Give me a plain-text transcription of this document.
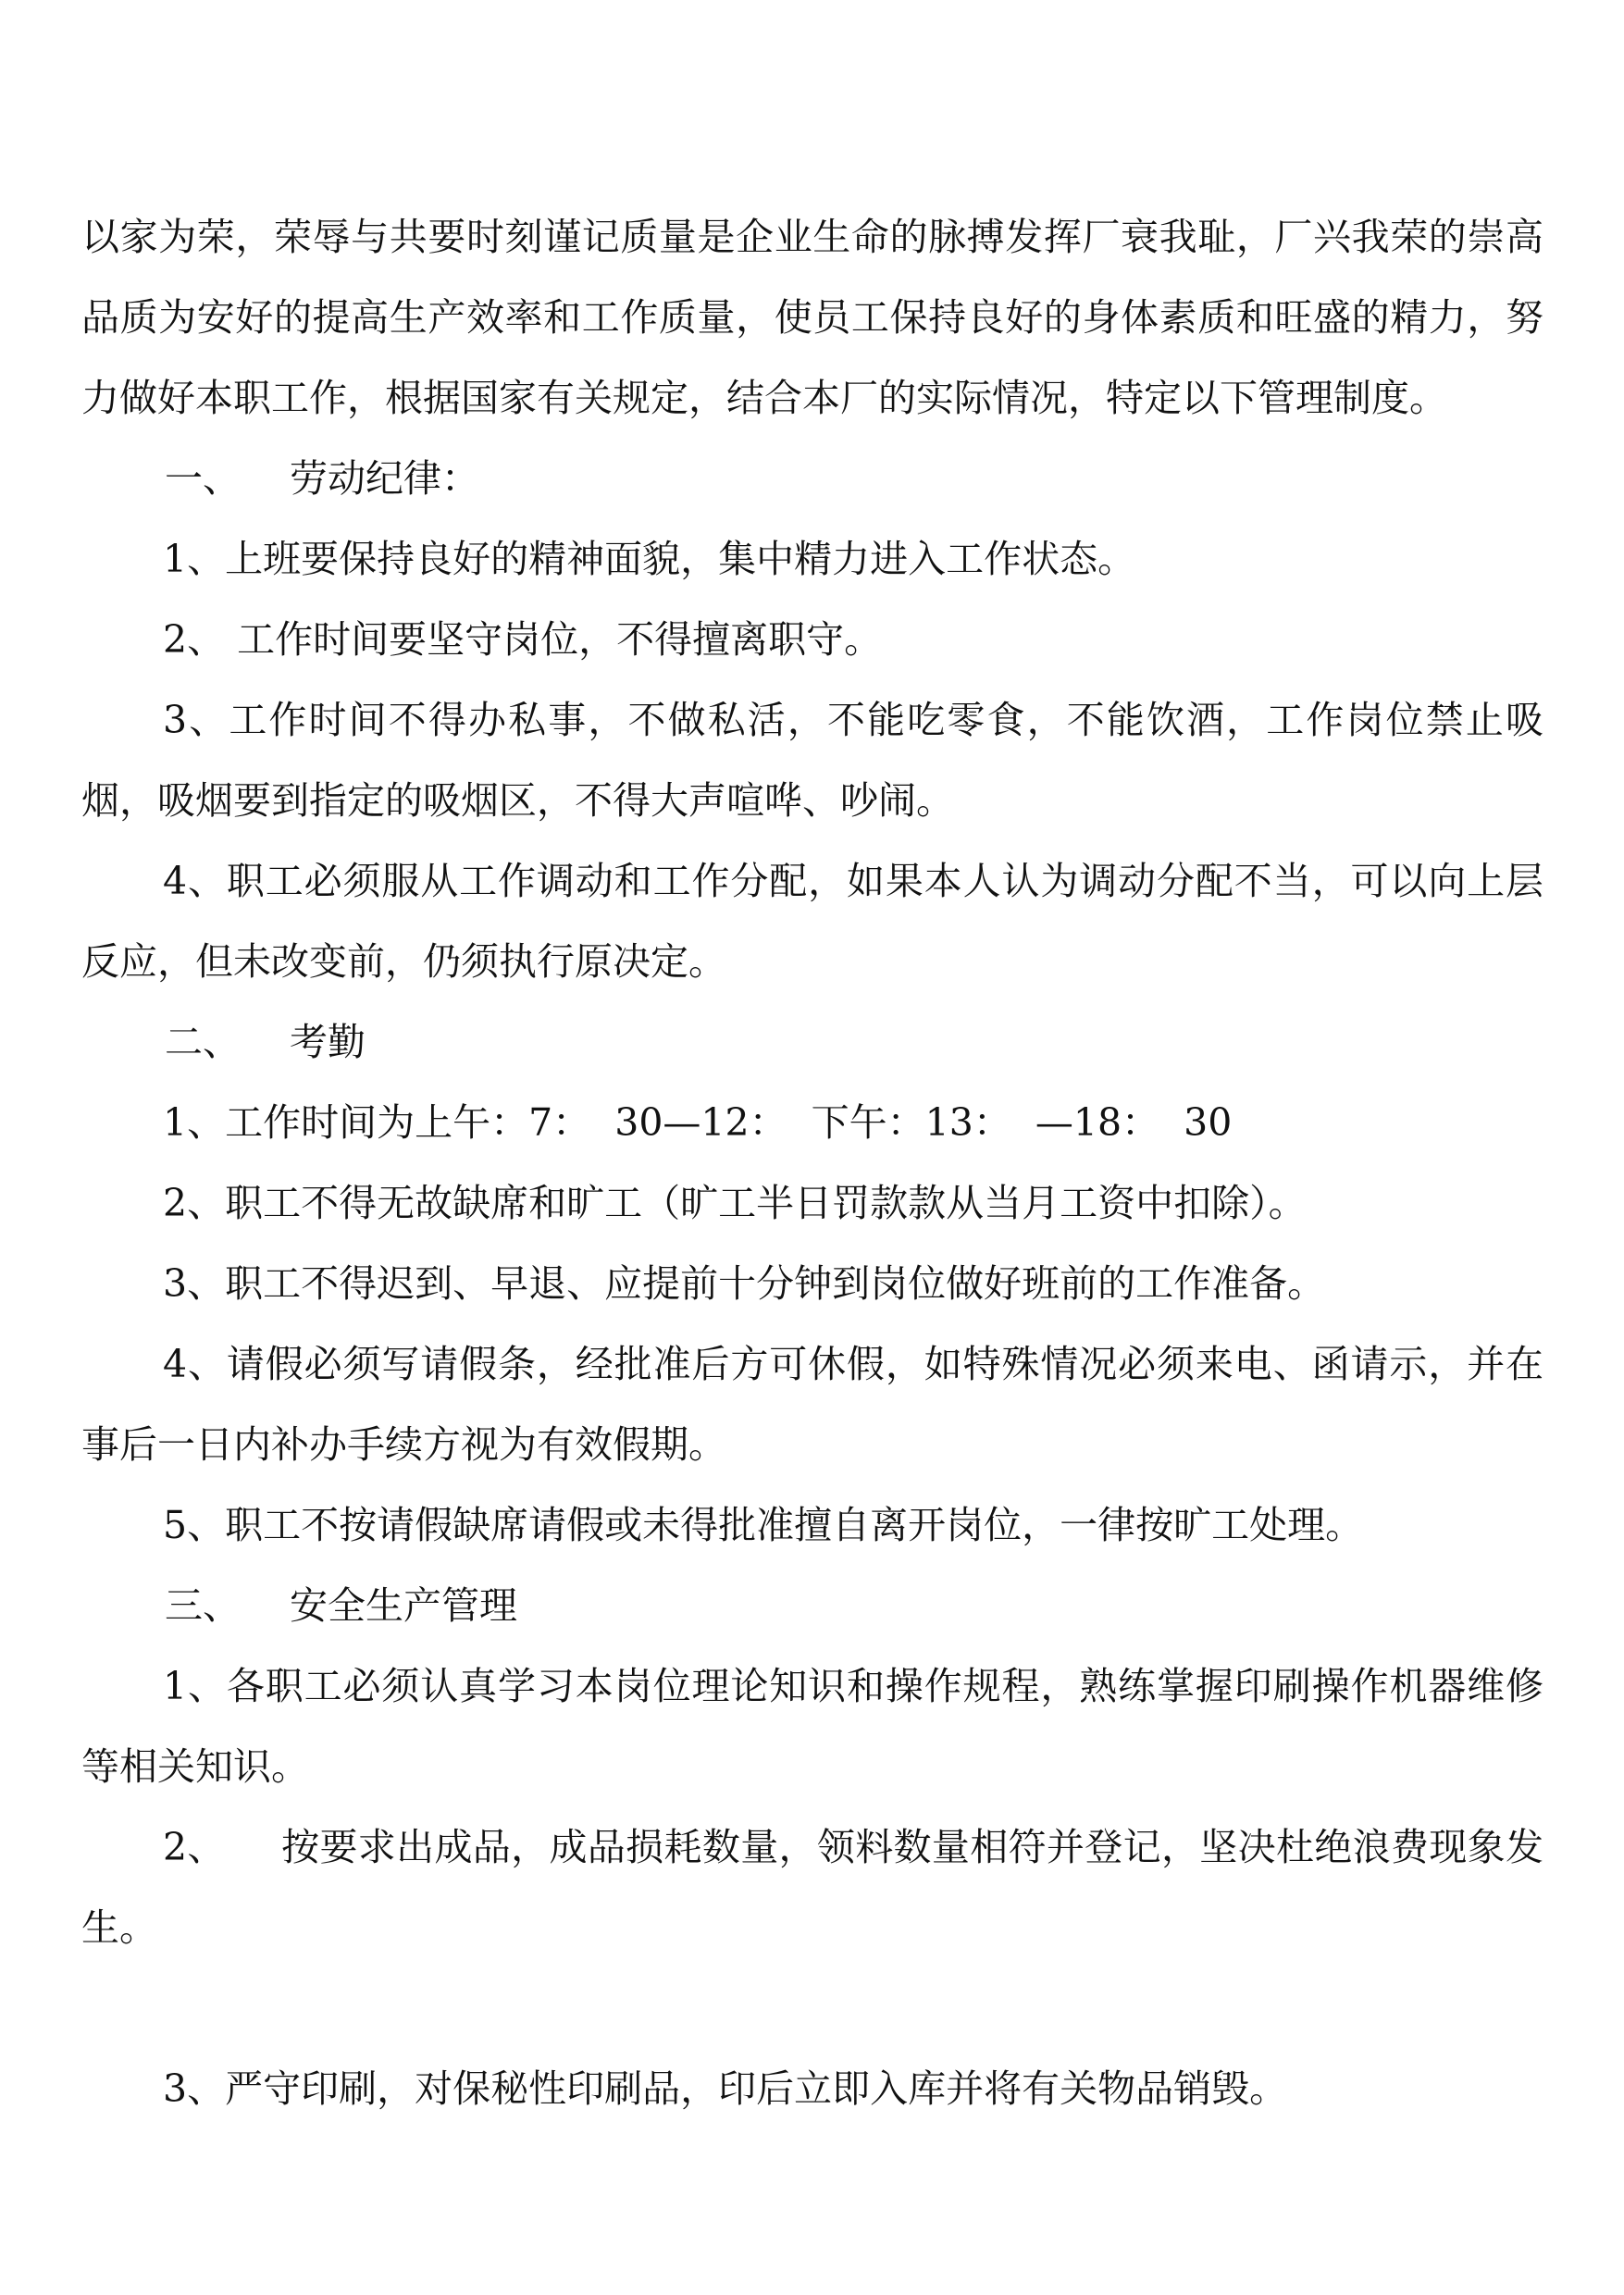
以家为荣，荣辱与共要时刻谨记质量是企业生命的脉搏发挥厂衰我耻，厂兴我荣的崇高品质为安好的提高生产效率和工作质量，使员工保持良好的身体素质和旺盛的精力，努力做好本职工作，根据国家有关规定，结合本厂的实际情况，特定以下管理制度。

一、 劳动纪律：

1、上班要保持良好的精神面貌，集中精力进入工作状态。

2、 工作时间要坚守岗位，不得擅离职守。

3、工作时间不得办私事，不做私活，不能吃零食，不能饮酒，工作岗位禁止吸烟，吸烟要到指定的吸烟区，不得大声喧哗、吵闹。

4、职工必须服从工作调动和工作分配，如果本人认为调动分配不当，可以向上层反应，但未改变前，仍须执行原决定。

二、 考勤

1、工作时间为上午：7：  30—12：  下午：13：  —18：  30

2、职工不得无故缺席和旷工（旷工半日罚款款从当月工资中扣除）。

3、职工不得迟到、早退、应提前十分钟到岗位做好班前的工作准备。

4、请假必须写请假条，经批准后方可休假，如特殊情况必须来电、函请示，并在事后一日内补办手续方视为有效假期。

5、职工不按请假缺席请假或未得批准擅自离开岗位，一律按旷工处理。

三、 安全生产管理

1、各职工必须认真学习本岗位理论知识和操作规程，熟练掌握印刷操作机器维修等相关知识。

2、 按要求出成品，成品损耗数量，领料数量相符并登记，坚决杜绝浪费现象发生。

3、严守印刷，对保秘性印刷品，印后立即入库并将有关物品销毁。
